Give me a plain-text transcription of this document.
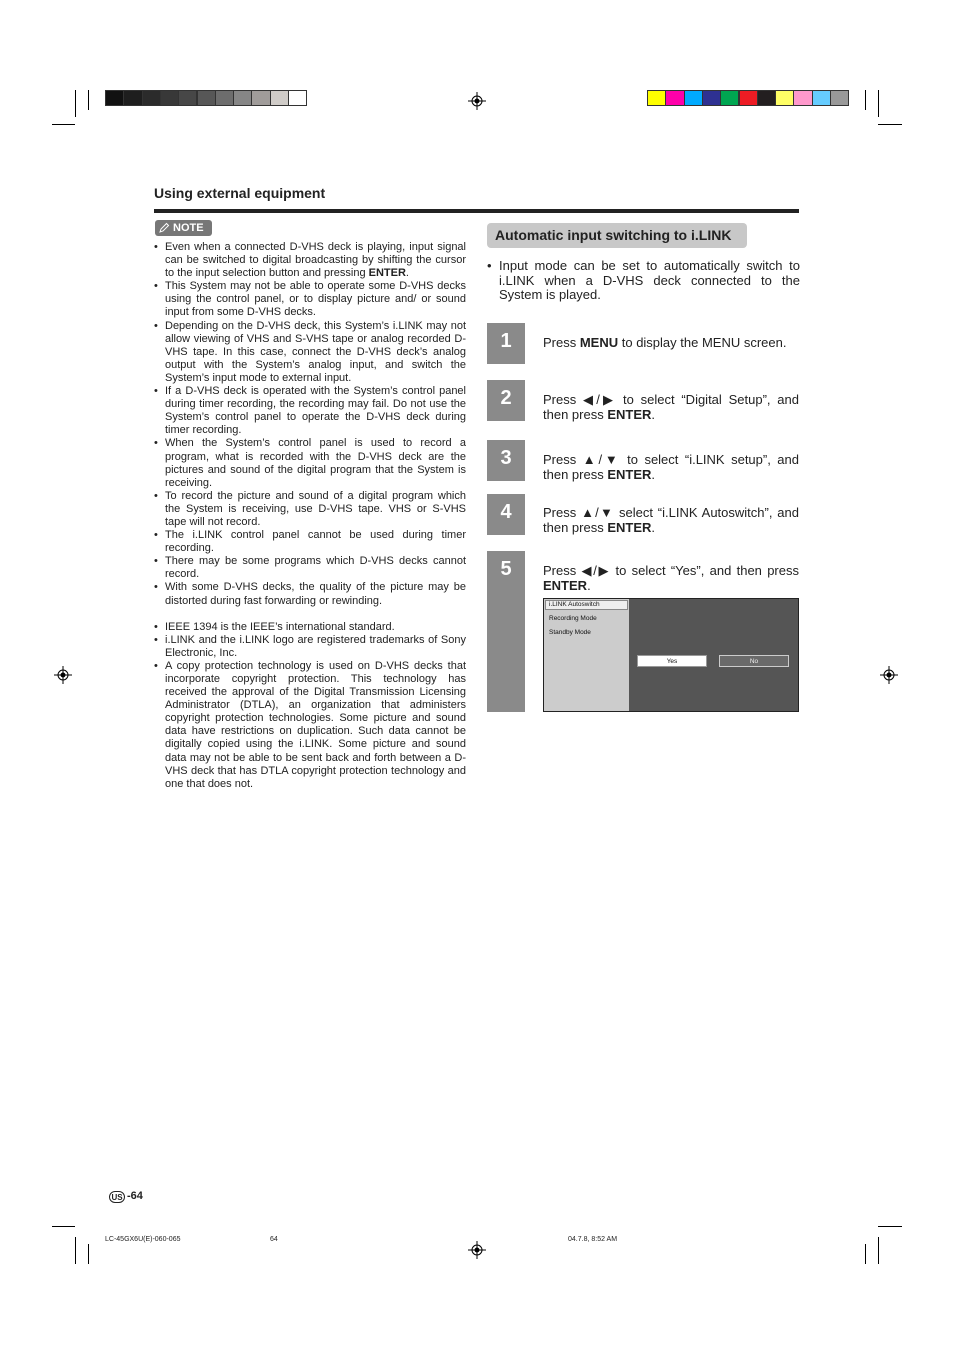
Using external equipment
NOTE
• Even when a connected D-VHS deck is playing, input signal can be switched to digital broadcasting by shifting the cursor to the input selection button and pressing ENTER.
• This System may not be able to operate some D-VHS decks using the control panel, or to display picture and/ or sound input from some D-VHS decks.
• Depending on the D-VHS deck, this System’s i.LINK may not allow viewing of VHS and S-VHS tape or analog recorded D-VHS tape. In this case, connect the D-VHS deck’s analog output with the System’s analog input, and switch the System’s input mode to external input.
• If a D-VHS deck is operated with the System’s control panel during timer recording, the recording may fail. Do not use the System’s control panel to operate the D-VHS deck during timer recording.
• When the System’s control panel is used to record a program, what is recorded with the D-VHS deck are the pictures and sound of the digital program that the System is receiving.
• To record the picture and sound of a digital program which the System is receiving, use D-VHS tape. VHS or S-VHS tape will not record.
• The i.LINK control panel cannot be used during timer recording.
• There may be some programs which D-VHS decks cannot record.
• With some D-VHS decks, the quality of the picture may be distorted during fast forwarding or rewinding.
• IEEE 1394 is the IEEE’s international standard.
• i.LINK and the i.LINK logo are registered trademarks of Sony Electronic, Inc.
• A copy protection technology is used on D-VHS decks that incorporate copyright protection. This technology has received the approval of the Digital Transmission Licensing Administrator (DTLA), an organization that administers copyright protection technologies. Some picture and sound data have restrictions on duplication. Such data cannot be digitally copied using the i.LINK. Some picture and sound data may not be able to be sent back and forth between a D-VHS deck that has DTLA copyright protection technology and one that does not.
Automatic input switching to i.LINK
• Input mode can be set to automatically switch to i.LINK when a D-VHS deck connected to the System is played.
1	Press MENU to display the MENU screen.
2	Press ◀/▶ to select “Digital Setup”, and then press ENTER.
3	Press ▲/▼ to select “i.LINK setup”, and then press ENTER.
4	Press ▲/▼ select “i.LINK Autoswitch”, and then press ENTER.
5	Press ◀/▶ to select “Yes”, and then press ENTER.
i.LINK Autoswitch
Recording Mode
Standby Mode
Yes	No
US -64
LC-45GX6U(E)-060-065	64	04.7.8, 8:52 AM
